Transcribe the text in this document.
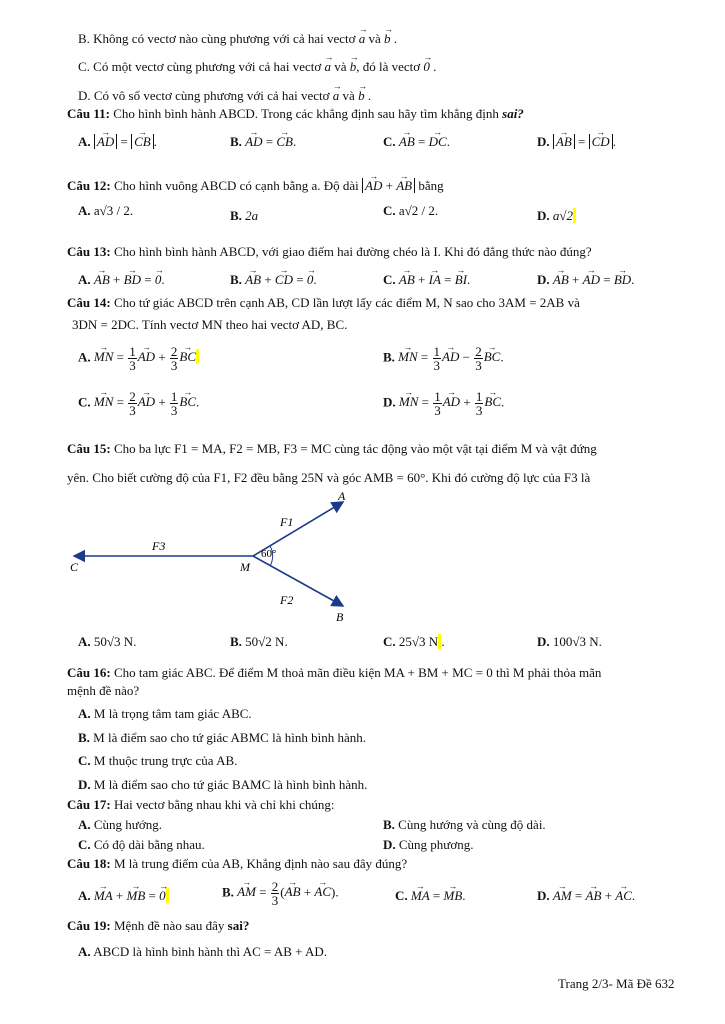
B. Không có vectơ nào cùng phương với cả hai vectơ → a và → b .
C. Có một vectơ cùng phương với cả hai vectơ → a và → b, đó là vectơ → 0 .
D. Có vô số vectơ cùng phương với cả hai vectơ → a và → b .
Câu 11: Cho hình bình hành ABCD. Trong các khẳng định sau hãy tìm khẳng định sai?
A. → AD = → CB .	B. → AD = → CB.	C. → AB = → DC.	D. → AB = → CD .
Câu 12: Cho hình vuông ABCD có cạnh bằng a. Độ dài → AD + → AB bằng
A. a√3 / 2.	B. 2a	C. a√2 / 2.	D. a√2
Câu 13: Cho hình bình hành ABCD, với giao điểm hai đường chéo là I. Khi đó đẳng thức nào đúng?
A. → AB + → BD = → 0.	B. → AB + → CD = → 0.	C. → AB + → IA = → BI.	D. → AB + → AD = → BD.
Câu 14: Cho tứ giác ABCD trên cạnh AB, CD lần lượt lấy các điểm M, N sao cho 3AM = 2AB và
3DN = 2DC. Tính vectơ MN theo hai vectơ AD, BC.
A. → MN = $\frac{1}{3}$ → AD + $\frac{2}{3}$ → BC	B. → MN = $\frac{1}{3}$ → AD − $\frac{2}{3}$ → BC.
C. → MN = $\frac{2}{3}$ → AD + $\frac{1}{3}$ → BC.	D. → MN = $\frac{1}{3}$ → AD + $\frac{1}{3}$ → BC.
Câu 15: Cho ba lực F1 = MA, F2 = MB, F3 = MC cùng tác động vào một vật tại điểm M và vật đứng
yên. Cho biết cường độ của F1, F2 đều bằng 25N và góc AMB = 60°. Khi đó cường độ lực của F3 là
60°
A
B
C	M
F1
F2
F3
A. 50√3 N.	B. 50√2 N.	C. 25√3 N .	D. 100√3 N.
Câu 16: Cho tam giác ABC. Để điểm M thoả mãn điều kiện MA + BM + MC = 0 thì M phải thỏa mãn
mệnh đề nào?
A. M là trọng tâm tam giác ABC.
B. M là điểm sao cho tứ giác ABMC là hình bình hành.
C. M thuộc trung trực của AB.
D. M là điểm sao cho tứ giác BAMC là hình bình hành.
Câu 17: Hai vectơ bằng nhau khi và chỉ khi chúng:
A. Cùng hướng.	B. Cùng hướng và cùng độ dài.
C. Có độ dài bằng nhau.	D. Cùng phương.
Câu 18: M là trung điểm của AB, Khẳng định nào sau đây đúng?
A. → MA + → MB = → 0	B. → AM = $\frac{2}{3}$ (→ AB + → AC).	C. → MA = → MB.	D. → AM = → AB + → AC.
Câu 19: Mệnh đề nào sau đây sai?
A. ABCD là hình bình hành thì AC = AB + AD.
Trang 2/3- Mã Đề 632
